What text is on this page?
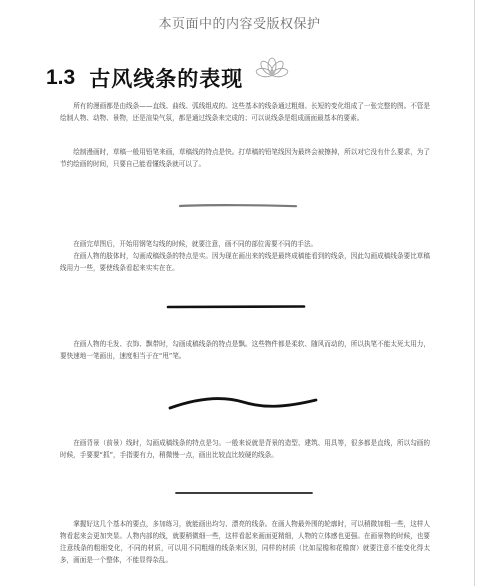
本页面中的内容受版权保护
1.3 古风线条的表现

所有的漫画都是由线条——直线、曲线、弧线组成的。这些基本的线条通过粗细、长短的变化组成了一张完整的图。不管是绘制人物、动物、景物，还是渲染气氛，都是通过线条来完成的；可以说线条是组成画面最基本的要素。

绘制漫画时，草稿一般用铅笔来画，草稿线的特点是快。打草稿的铅笔线因为最终会被擦掉，所以对它没有什么要求，为了节约绘画的时间，只要自己能看懂线条就可以了。

在画完草图后，开始用钢笔勾线的时候，就要注意，画不同的部位需要不同的手法。

在画人物的肢体时，勾画成稿线条的特点是实。因为现在画出来的线是最终成稿能看到的线条，因此勾画成稿线条要比草稿线用力一些，要使线条看起来实实在在。

在画人物的毛发、衣饰、飘带时，勾画成稿线条的特点是飘。这些物件都是柔软、随风而动的，所以执笔不能太死太用力，要快速地一笔画出，速度相当于在“甩”笔。

在画背景（前景）线时，勾画成稿线条的特点是匀。一般来说就是背景的造型、建筑、用具等，很多都是直线，所以勾画的时候，手要要“抓”，手指要有力，稍微慢一点，画出比较直比较硬的线条。

掌握好这几个基本的要点，多加练习，就能画出均匀、漂亮的线条。在画人物最外围的轮廓时，可以稍微加粗一些，这样人物看起来会更加突显。人物内部的线，就要稍微细一些，这样看起来画面更精细，人物的立体感也更强。在画景物的时候，也要注意线条的粗细变化，不同的材质，可以用不同粗细的线条来区别，同样的材质（比如屋檐和花檐窗）就要注意不能变化得太多，画面是一个整体，不能显得杂乱。
